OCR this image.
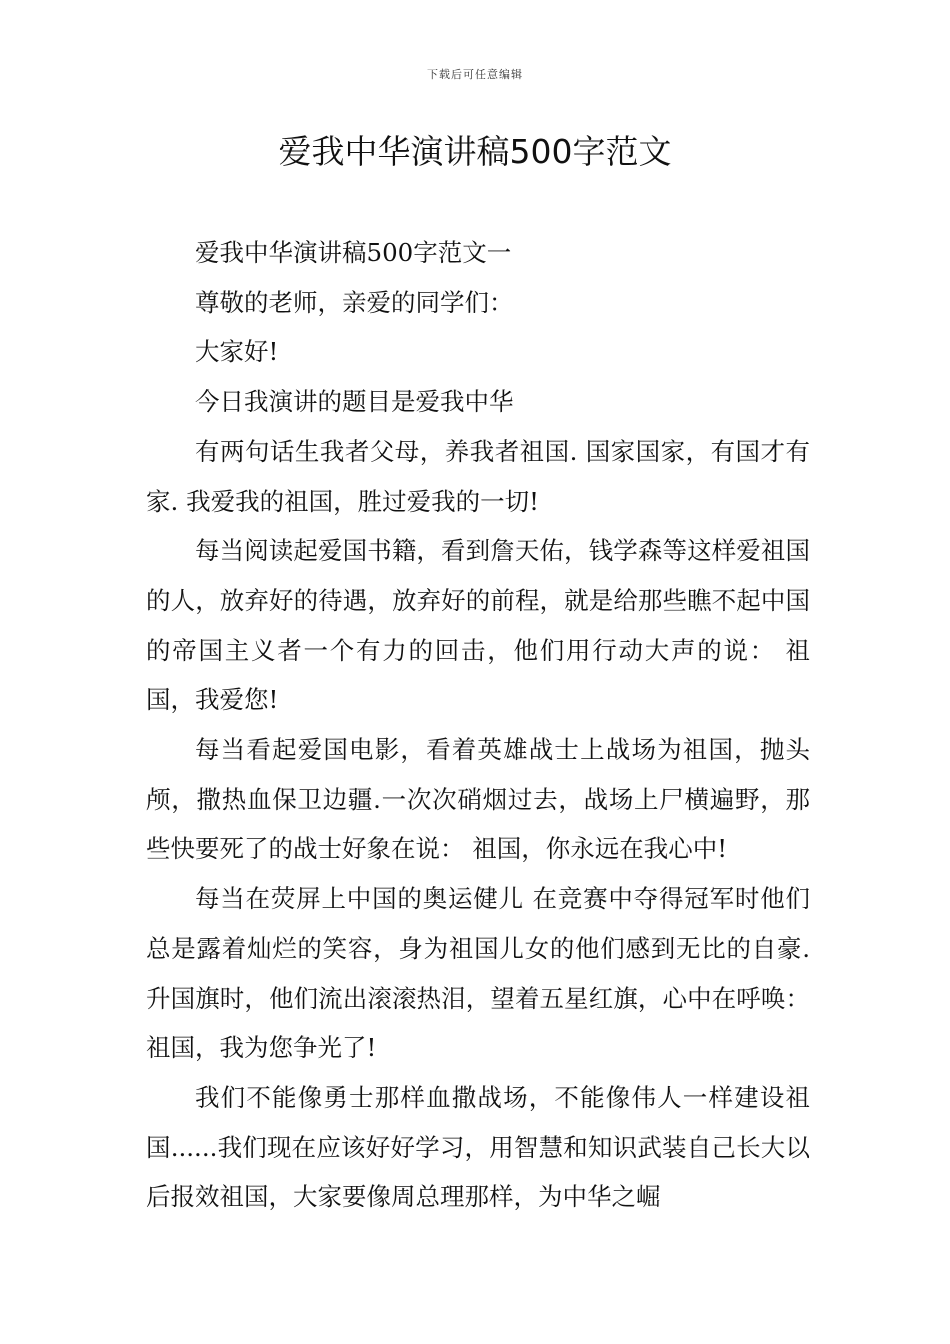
下载后可任意编辑
爱我中华演讲稿500字范文

爱我中华演讲稿500字范文一

尊敬的老师，亲爱的同学们：

大家好!

今日我演讲的题目是爱我中华

有两句话生我者父母，养我者祖国. 国家国家，有国才有家. 我爱我的祖国，胜过爱我的一切!

每当阅读起爱国书籍，看到詹天佑，钱学森等这样爱祖国的人，放弃好的待遇，放弃好的前程，就是给那些瞧不起中国的帝国主义者一个有力的回击，他们用行动大声的说： 祖国，我爱您!

每当看起爱国电影，看着英雄战士上战场为祖国，抛头颅，撒热血保卫边疆.一次次硝烟过去，战场上尸横遍野，那些快要死了的战士好象在说： 祖国，你永远在我心中!

每当在荧屏上中国的奥运健儿 在竞赛中夺得冠军时他们总是露着灿烂的笑容，身为祖国儿女的他们感到无比的自豪.升国旗时，他们流出滚滚热泪，望着五星红旗，心中在呼唤： 祖国，我为您争光了!

我们不能像勇士那样血撒战场，不能像伟人一样建设祖国......我们现在应该好好学习，用智慧和知识武装自己长大以后报效祖国，大家要像周总理那样，为中华之崛
